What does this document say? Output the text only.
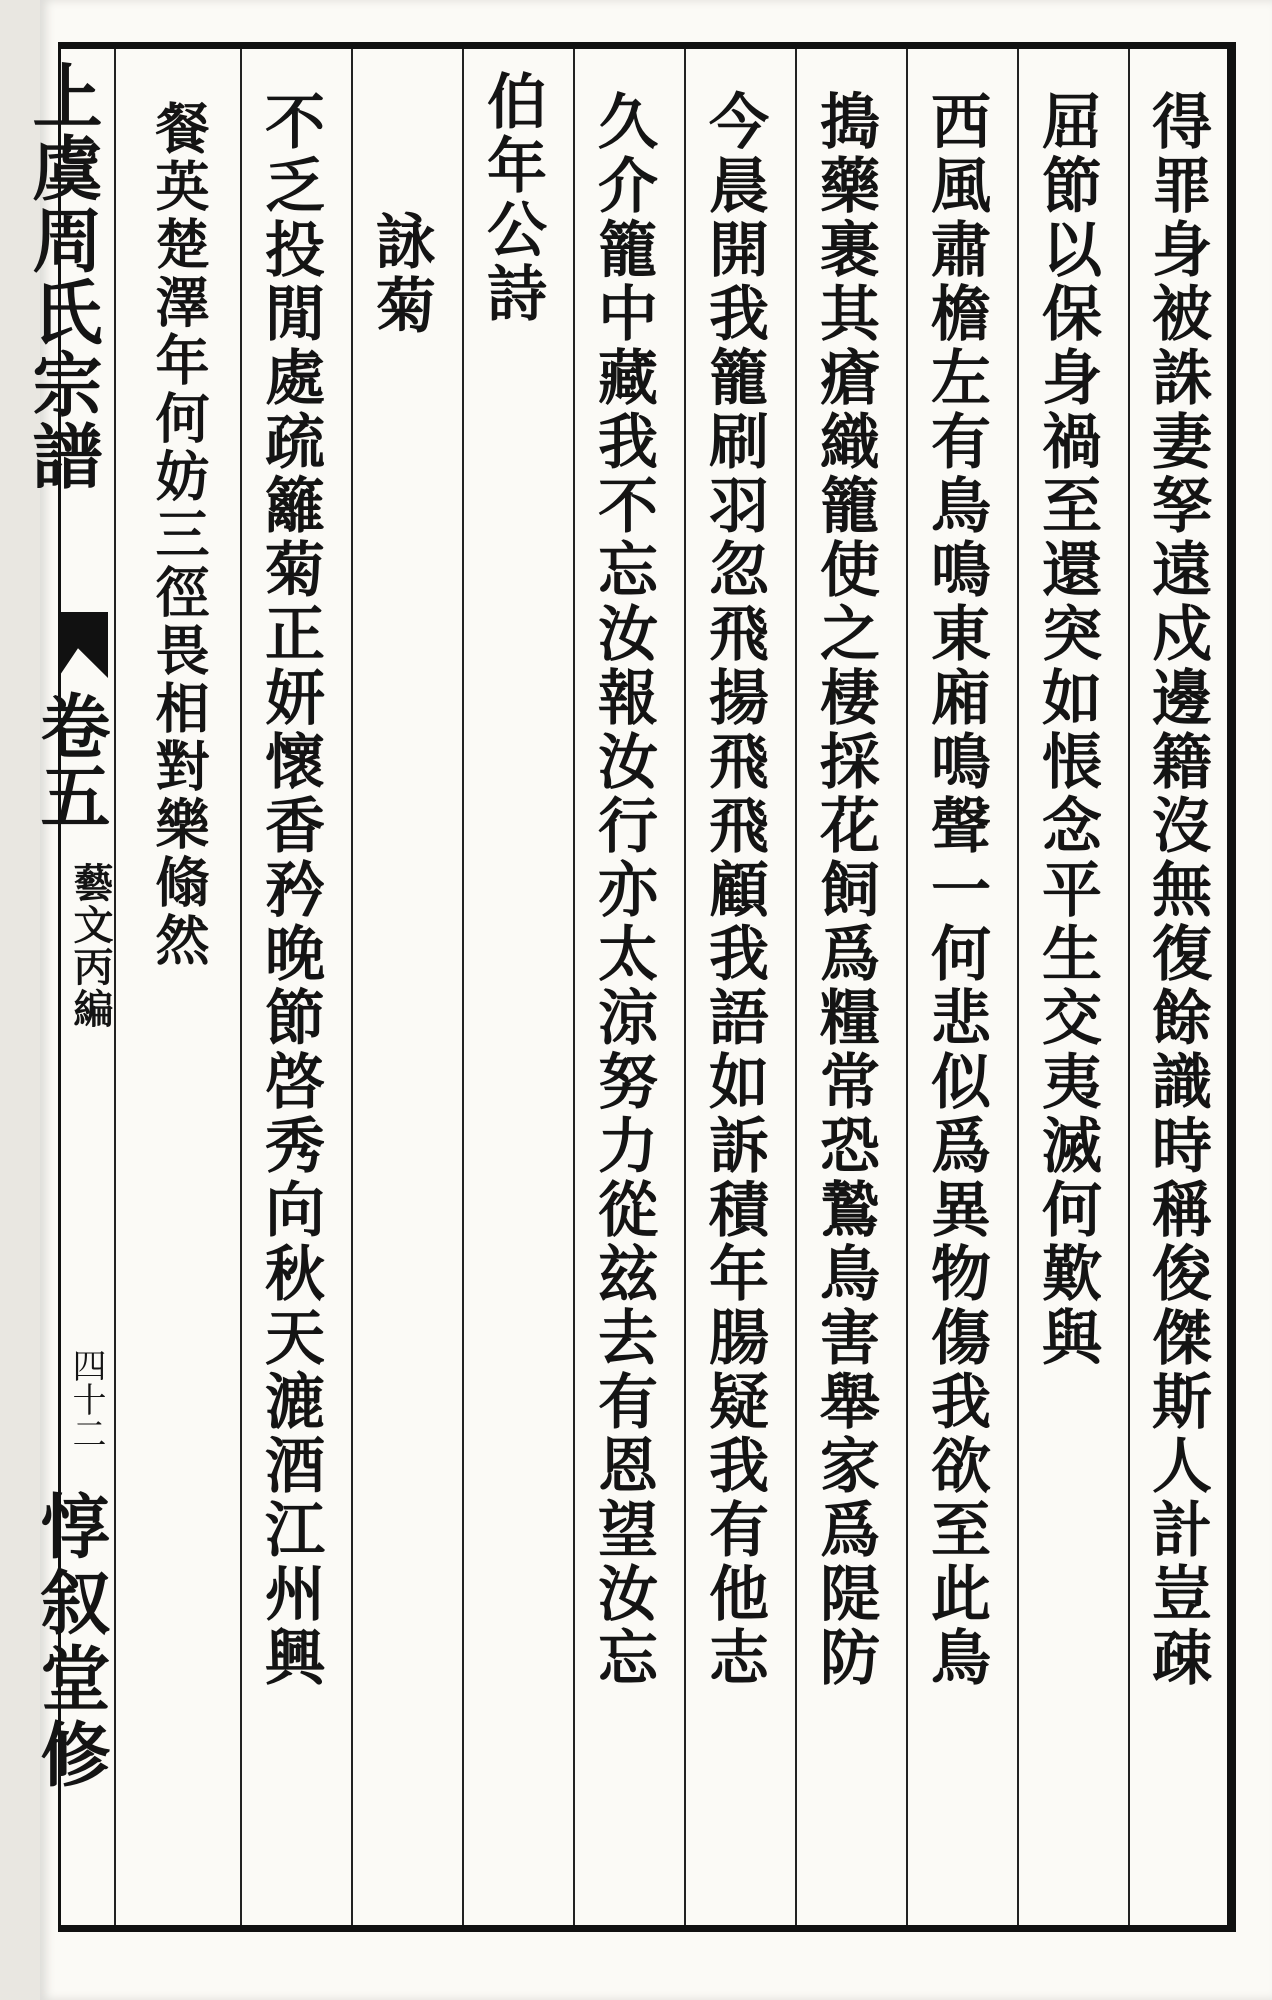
得罪身被誅妻孥遠戍邊籍沒無復餘識時稱俊傑斯人計豈疎
屈節以保身禍至還突如悵念平生交夷滅何歎與
西風肅檐左有鳥鳴東廂鳴聲一何悲似爲異物傷我欲至此鳥
搗藥裹其瘡織籠使之棲採花飼爲糧常恐鷙鳥害舉家爲隄防
今晨開我籠刷羽忽飛揚飛飛顧我語如訴積年腸疑我有他志
久介籠中藏我不忘汝報汝行亦太涼努力從玆去有恩望汝忘
伯年公詩
詠菊
不乏投閒處疏籬菊正妍懷香矜晚節啓秀向秋天漉酒江州興
餐英楚澤年何妨三徑畏相對樂翛然
上虞周氏宗譜
卷五
藝文丙編
四十二
惇叙堂修
